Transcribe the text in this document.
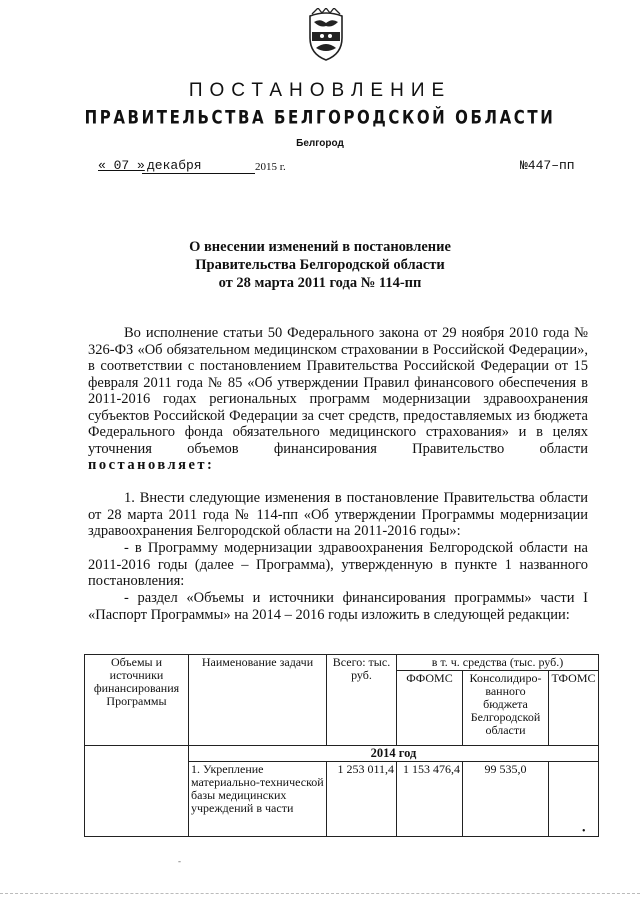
ПОСТАНОВЛЕНИЕ
ПРАВИТЕЛЬСТВА БЕЛГОРОДСКОЙ ОБЛАСТИ
Белгород
« 07 » декабря	2015 г.	№447–пп
О внесении изменений в постановление
Правительства Белгородской области
от 28 марта 2011 года № 114-пп

Во исполнение статьи 50 Федерального закона от 29 ноября 2010 года № 326-ФЗ «Об обязательном медицинском страховании в Российской Федерации», в соответствии с постановлением Правительства Российской Федерации от 15 февраля 2011 года № 85 «Об утверждении Правил финансового обеспечения в 2011-2016 годах региональных программ модернизации здравоохранения субъектов Российской Федерации за счет средств, предоставляемых из бюджета Федерального фонда обязательного медицинского страхования» и в целях уточнения объемов финансирования Правительство области постановляет:

1. Внести следующие изменения в постановление Правительства области от 28 марта 2011 года № 114-пп «Об утверждении Программы модернизации здравоохранения Белгородской области на 2011-2016 годы»:

- в Программу модернизации здравоохранения Белгородской области на 2011-2016 годы (далее – Программа), утвержденную в пункте 1 названного постановления:

- раздел «Объемы и источники финансирования программы» части I «Паспорт Программы» на 2014 – 2016 годы изложить в следующей редакции:

Объемы и источники финансирования Программы	Наименование задачи	Всего: тыс. руб.	в т. ч. средства (тыс. руб.)		
			ФФОМС	Консолидиро-ванного бюджета Белгородской области	ТФОМС
	2014 год				
	1. Укрепление материально-технической базы медицинских учреждений в части	1 253 011,4	1 153 476,4	99 535,0	
•
-
